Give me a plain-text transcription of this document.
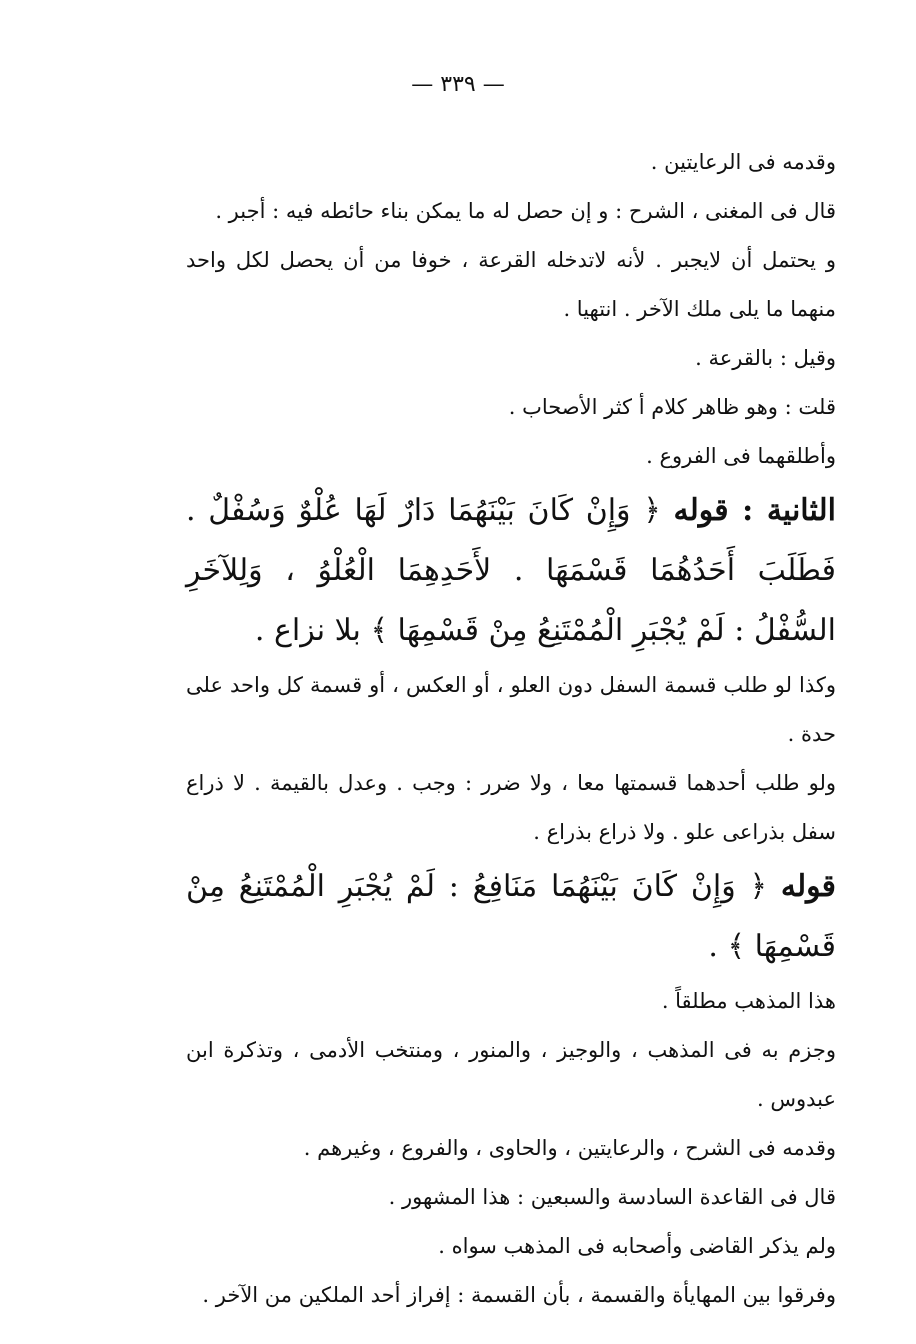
— ٣٣٩ —

وقدمه فى الرعايتين .

قال فى المغنى ، الشرح : و إن حصل له ما يمكن بناء حائطه فيه : أجبر .

و يحتمل أن لايجبر . لأنه لاتدخله القرعة ، خوفا من أن يحصل لكل واحد منهما ما يلى ملك الآخر . انتهيا .

وقيل : بالقرعة .

قلت : وهو ظاهر كلام أ كثر الأصحاب .

وأطلقهما فى الفروع .

الثانية : قوله ﴿ وَإِنْ كَانَ بَيْنَهُمَا دَارٌ لَهَا عُلْوٌ وَسُفْلٌ . فَطَلَبَ أَحَدُهُمَا قَسْمَهَا . لأَحَدِهِمَا الْعُلْوُ ، وَلِلآخَرِ السُّفْلُ : لَمْ يُجْبَرِ الْمُمْتَنِعُ مِنْ قَسْمِهَا ﴾ بلا نزاع .

وكذا لو طلب قسمة السفل دون العلو ، أو العكس ، أو قسمة كل واحد على حدة .

ولو طلب أحدهما قسمتها معا ، ولا ضرر : وجب . وعدل بالقيمة . لا ذراع سفل بذراعى علو . ولا ذراع بذراع .

قوله ﴿ وَإِنْ كَانَ بَيْنَهُمَا مَنَافِعُ : لَمْ يُجْبَرِ الْمُمْتَنِعُ مِنْ قَسْمِهَا ﴾ .

هذا المذهب مطلقاً .

وجزم به فى المذهب ، والوجيز ، والمنور ، ومنتخب الأدمى ، وتذكرة ابن عبدوس .

وقدمه فى الشرح ، والرعايتين ، والحاوى ، والفروع ، وغيرهم .

قال فى القاعدة السادسة والسبعين : هذا المشهور .

ولم يذكر القاضى وأصحابه فى المذهب سواه .

وفرقوا بين المهايأة والقسمة ، بأن القسمة : إفراز أحد الملكين من الآخر .
